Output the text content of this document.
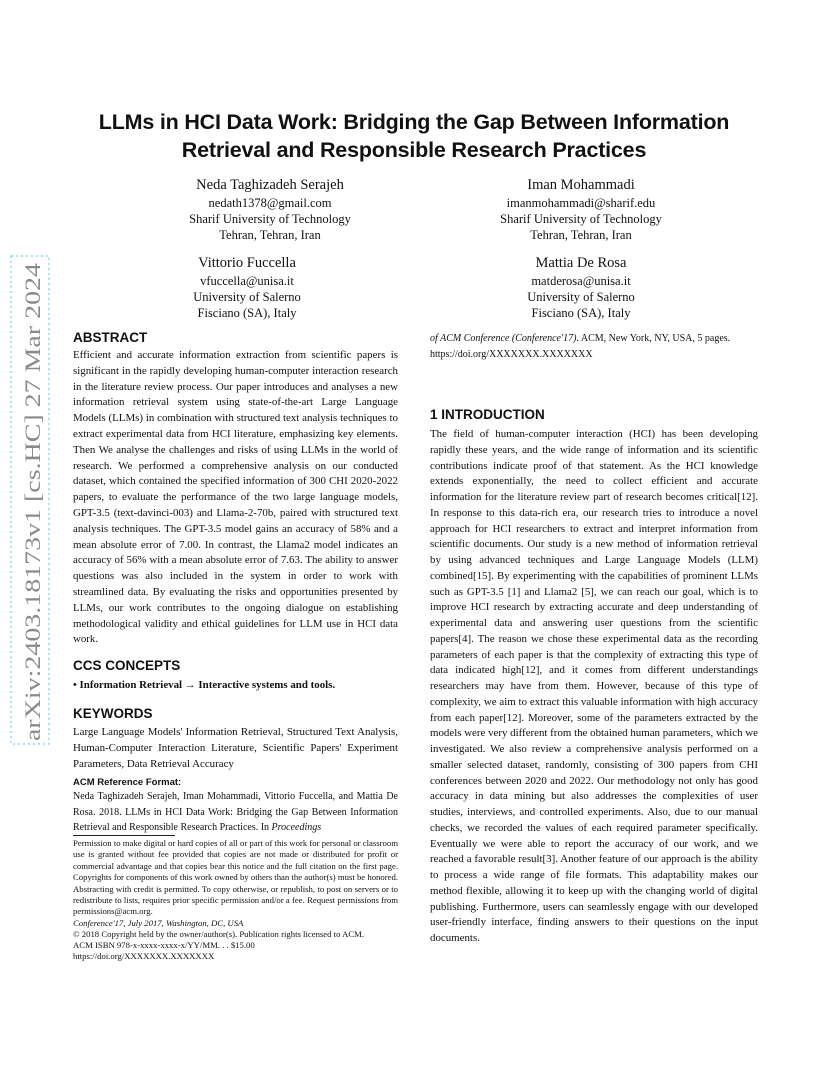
LLMs in HCI Data Work: Bridging the Gap Between Information
Retrieval and Responsible Research Practices
Neda Taghizadeh Serajeh
nedath1378@gmail.com
Sharif University of Technology
Tehran, Tehran, Iran
Iman Mohammadi
imanmohammadi@sharif.edu
Sharif University of Technology
Tehran, Tehran, Iran
Vittorio Fuccella
vfuccella@unisa.it
University of Salerno
Fisciano (SA), Italy
Mattia De Rosa
matderosa@unisa.it
University of Salerno
Fisciano (SA), Italy
arXiv:2403.18173v1 [cs.HC] 27 Mar 2024
ABSTRACT

Efficient and accurate information extraction from scientific papers is significant in the rapidly developing human-computer interaction research in the literature review process. Our paper introduces and analyses a new information retrieval system using state-of-the-art Large Language Models (LLMs) in combination with structured text analysis techniques to extract experimental data from HCI literature, emphasizing key elements. Then We analyse the challenges and risks of using LLMs in the world of research. We performed a comprehensive analysis on our conducted dataset, which contained the specified information of 300 CHI 2020-2022 papers, to evaluate the performance of the two large language models, GPT-3.5 (text-davinci-003) and Llama-2-70b, paired with structured text analysis techniques. The GPT-3.5 model gains an accuracy of 58% and a mean absolute error of 7.00. In contrast, the Llama2 model indicates an accuracy of 56% with a mean absolute error of 7.63. The ability to answer questions was also included in the system in order to work with streamlined data. By evaluating the risks and opportunities presented by LLMs, our work contributes to the ongoing dialogue on establishing methodological validity and ethical guidelines for LLM use in HCI data work.

CCS CONCEPTS

• Information Retrieval → Interactive systems and tools.

KEYWORDS

Large Language Models' Information Retrieval, Structured Text Analysis, Human-Computer Interaction Literature, Scientific Papers' Experiment Parameters, Data Retrieval Accuracy

ACM Reference Format:

Neda Taghizadeh Serajeh, Iman Mohammadi, Vittorio Fuccella, and Mattia De Rosa. 2018. LLMs in HCI Data Work: Bridging the Gap Between Information Retrieval and Responsible Research Practices. In Proceedings

Permission to make digital or hard copies of all or part of this work for personal or classroom use is granted without fee provided that copies are not made or distributed for profit or commercial advantage and that copies bear this notice and the full citation on the first page. Copyrights for components of this work owned by others than the author(s) must be honored. Abstracting with credit is permitted. To copy otherwise, or republish, to post on servers or to redistribute to lists, requires prior specific permission and/or a fee. Request permissions from permissions@acm.org.

Conference'17, July 2017, Washington, DC, USA

© 2018 Copyright held by the owner/author(s). Publication rights licensed to ACM.

ACM ISBN 978-x-xxxx-xxxx-x/YY/MM. . . $15.00

https://doi.org/XXXXXXX.XXXXXXX

of ACM Conference (Conference'17). ACM, New York, NY, USA, 5 pages. https://doi.org/XXXXXXX.XXXXXXX

1 INTRODUCTION

The field of human-computer interaction (HCI) has been developing rapidly these years, and the wide range of information and its scientific contributions indicate proof of that statement. As the HCI knowledge extends exponentially, the need to collect efficient and accurate information for the literature review part of research becomes critical[12]. In response to this data-rich era, our research tries to introduce a novel approach for HCI researchers to extract and interpret information from scientific documents. Our study is a new method of information retrieval by using advanced techniques and Large Language Models (LLM) combined[15]. By experimenting with the capabilities of prominent LLMs such as GPT-3.5 [1] and Llama2 [5], we can reach our goal, which is to improve HCI research by extracting accurate and deep understanding of experimental data and answering user questions from the scientific papers[4]. The reason we chose these experimental data as the recording parameters of each paper is that the complexity of extracting this type of data indicated high[12], and it comes from different understandings researchers may have from them. However, because of this type of complexity, we aim to extract this valuable information with high accuracy from each paper[12]. Moreover, some of the parameters extracted by the models were very different from the obtained human parameters, which we investigated. We also review a comprehensive analysis performed on a smaller selected dataset, randomly, consisting of 300 papers from CHI conferences between 2020 and 2022. Our methodology not only has good accuracy in data mining but also addresses the complexities of user studies, interviews, and controlled experiments. Also, due to our manual checks, we recorded the values of each required parameter specifically. Eventually we were able to report the accuracy of our work, and we reached a favorable result[3]. Another feature of our approach is the ability to process a wide range of file formats. This adaptability makes our method flexible, allowing it to keep up with the changing world of digital publishing. Furthermore, users can seamlessly engage with our developed user-friendly interface, finding answers to their questions on the input documents.
